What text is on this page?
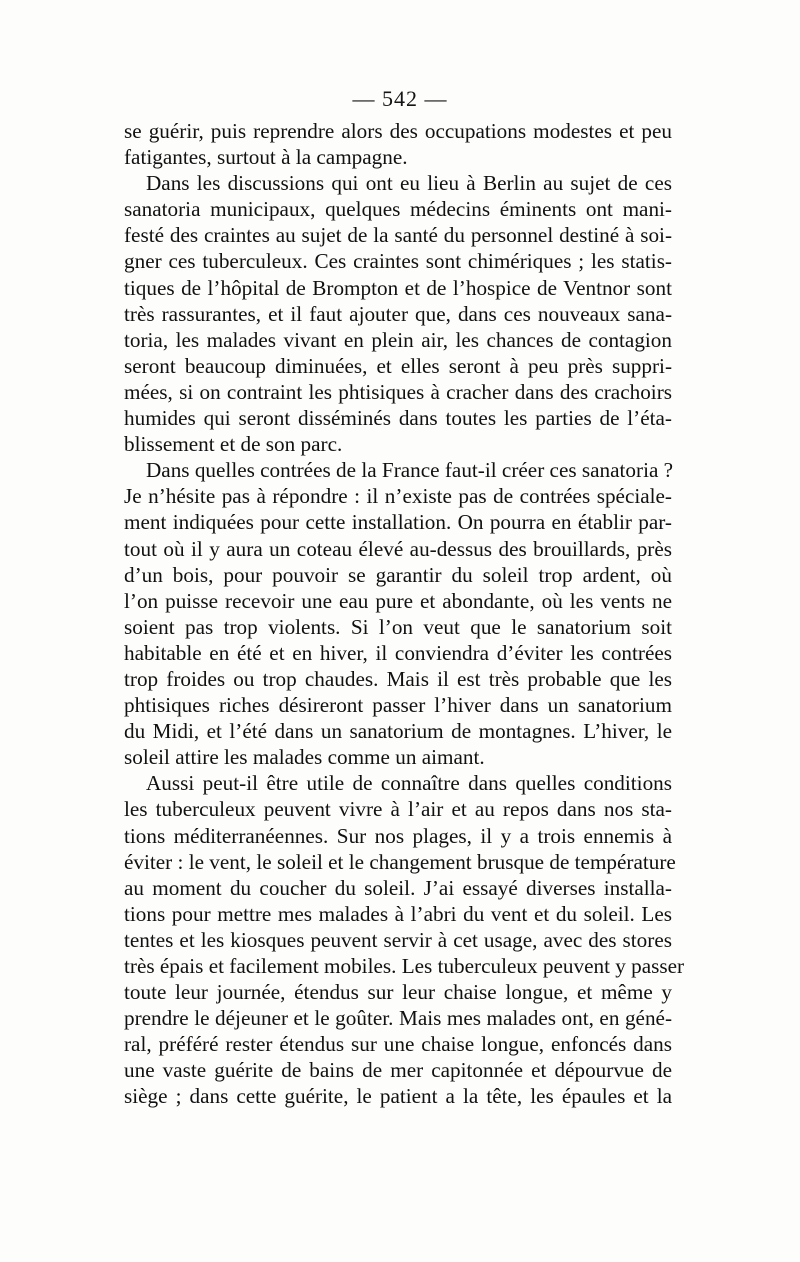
— 542 —
se guérir, puis reprendre alors des occupations modestes et peu
fatigantes, surtout à la campagne.
Dans les discussions qui ont eu lieu à Berlin au sujet de ces
sanatoria municipaux, quelques médecins éminents ont mani-
festé des craintes au sujet de la santé du personnel destiné à soi-
gner ces tuberculeux. Ces craintes sont chimériques ; les statis-
tiques de l’hôpital de Brompton et de l’hospice de Ventnor sont
très rassurantes, et il faut ajouter que, dans ces nouveaux sana-
toria, les malades vivant en plein air, les chances de contagion
seront beaucoup diminuées, et elles seront à peu près suppri-
mées, si on contraint les phtisiques à cracher dans des crachoirs
humides qui seront disséminés dans toutes les parties de l’éta-
blissement et de son parc.
Dans quelles contrées de la France faut-il créer ces sanatoria ?
Je n’hésite pas à répondre : il n’existe pas de contrées spéciale-
ment indiquées pour cette installation. On pourra en établir par-
tout où il y aura un coteau élevé au-dessus des brouillards, près
d’un bois, pour pouvoir se garantir du soleil trop ardent, où
l’on puisse recevoir une eau pure et abondante, où les vents ne
soient pas trop violents. Si l’on veut que le sanatorium soit
habitable en été et en hiver, il conviendra d’éviter les contrées
trop froides ou trop chaudes. Mais il est très probable que les
phtisiques riches désireront passer l’hiver dans un sanatorium
du Midi, et l’été dans un sanatorium de montagnes. L’hiver, le
soleil attire les malades comme un aimant.
Aussi peut-il être utile de connaître dans quelles conditions
les tuberculeux peuvent vivre à l’air et au repos dans nos sta-
tions méditerranéennes. Sur nos plages, il y a trois ennemis à
éviter : le vent, le soleil et le changement brusque de température
au moment du coucher du soleil. J’ai essayé diverses installa-
tions pour mettre mes malades à l’abri du vent et du soleil. Les
tentes et les kiosques peuvent servir à cet usage, avec des stores
très épais et facilement mobiles. Les tuberculeux peuvent y passer
toute leur journée, étendus sur leur chaise longue, et même y
prendre le déjeuner et le goûter. Mais mes malades ont, en géné-
ral, préféré rester étendus sur une chaise longue, enfoncés dans
une vaste guérite de bains de mer capitonnée et dépourvue de
siège ; dans cette guérite, le patient a la tête, les épaules et la
